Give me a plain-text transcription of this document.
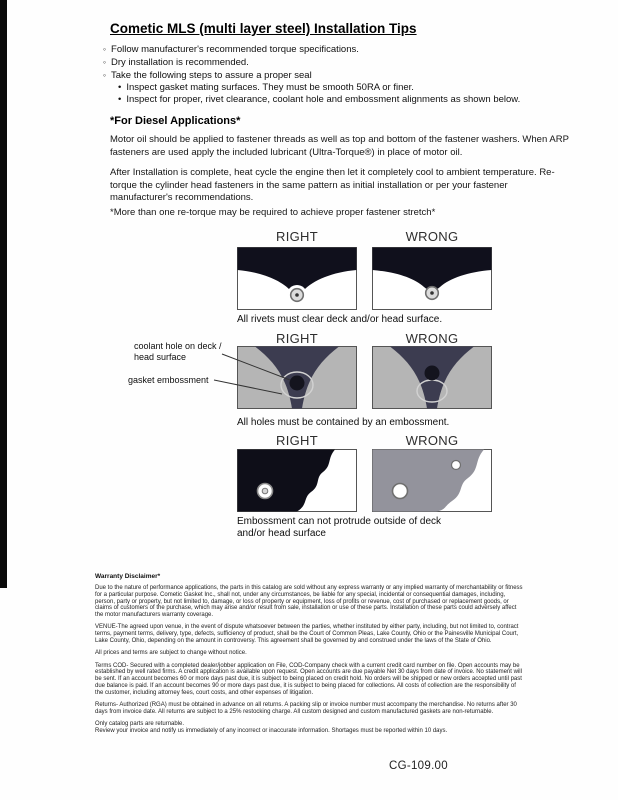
Cometic MLS (multi layer steel) Installation Tips
◦ Follow manufacturer's recommended torque specifications.
◦ Dry installation is recommended.
◦ Take the following steps to assure a proper seal
• Inspect gasket mating surfaces. They must be smooth 50RA or finer.
• Inspect for proper, rivet clearance, coolant hole and embossment alignments as shown below.
*For Diesel Applications*
Motor oil should be applied to fastener threads as well as top and bottom of the fastener washers. When ARP fasteners are used apply the included lubricant (Ultra-Torque®) in place of motor oil.
After Installation is complete, heat cycle the engine then let it completely cool to ambient temperature. Re-torque the cylinder head fasteners in the same pattern as initial installation or per your fastener manufacturer's recommendations.
*More than one re-torque may be required to achieve proper fastener stretch*
RIGHT	WRONG
All rivets must clear deck and/or head surface.
RIGHT	WRONG
coolant hole on deck / head surface
gasket embossment
All holes must be contained by an embossment.
RIGHT	WRONG
Embossment can not protrude outside of deck
and/or head surface
Warranty Disclaimer*

Due to the nature of performance applications, the parts in this catalog are sold without any express warranty or any implied warranty of merchantability or fitness for a particular purpose. Cometic Gasket Inc., shall not, under any circumstances, be liable for any special, incidental or consequential damages, including, person, party or property, but not limited to, damage, or loss of property or equipment, loss of profits or revenue, cost of purchased or replacement goods, or claims of customers of the purchase, which may arise and/or result from sale, installation or use of these parts. Installation of these parts could adversely affect the motor manufacturers warranty coverage.

VENUE-The agreed upon venue, in the event of dispute whatsoever between the parties, whether instituted by either party, including, but not limited to, contract terms, payment terms, delivery, type, defects, sufficiency of product, shall be the Court of Common Pleas, Lake County, Ohio or the Painesville Municipal Court, Lake County, Ohio, depending on the amount in controversy. This agreement shall be governed by and construed under the laws of the State of Ohio.

All prices and terms are subject to change without notice.

Terms COD- Secured with a completed dealer/jobber application on File, COD-Company check with a current credit card number on file. Open accounts may be established by well rated firms. A credit application is available upon request. Open accounts are due payable Net 30 days from date of invoice. No statement will be sent. If an account becomes 60 or more days past due, it is subject to being placed on credit hold. No orders will be shipped or new orders accepted until past due balance is paid. If an account becomes 90 or more days past due, it is subject to being placed for collections. All costs of collection are the responsibility of the customer, including attorney fees, court costs, and other expenses of litigation.

Returns- Authorized (RGA) must be obtained in advance on all returns. A packing slip or invoice number must accompany the merchandise. No returns after 30 days from invoice date. All returns are subject to a 25% restocking charge. All custom designed and custom manufactured gaskets are non-returnable.

Only catalog parts are returnable.

Review your invoice and notify us immediately of any incorrect or inaccurate information. Shortages must be reported within 10 days.

CG-109.00
